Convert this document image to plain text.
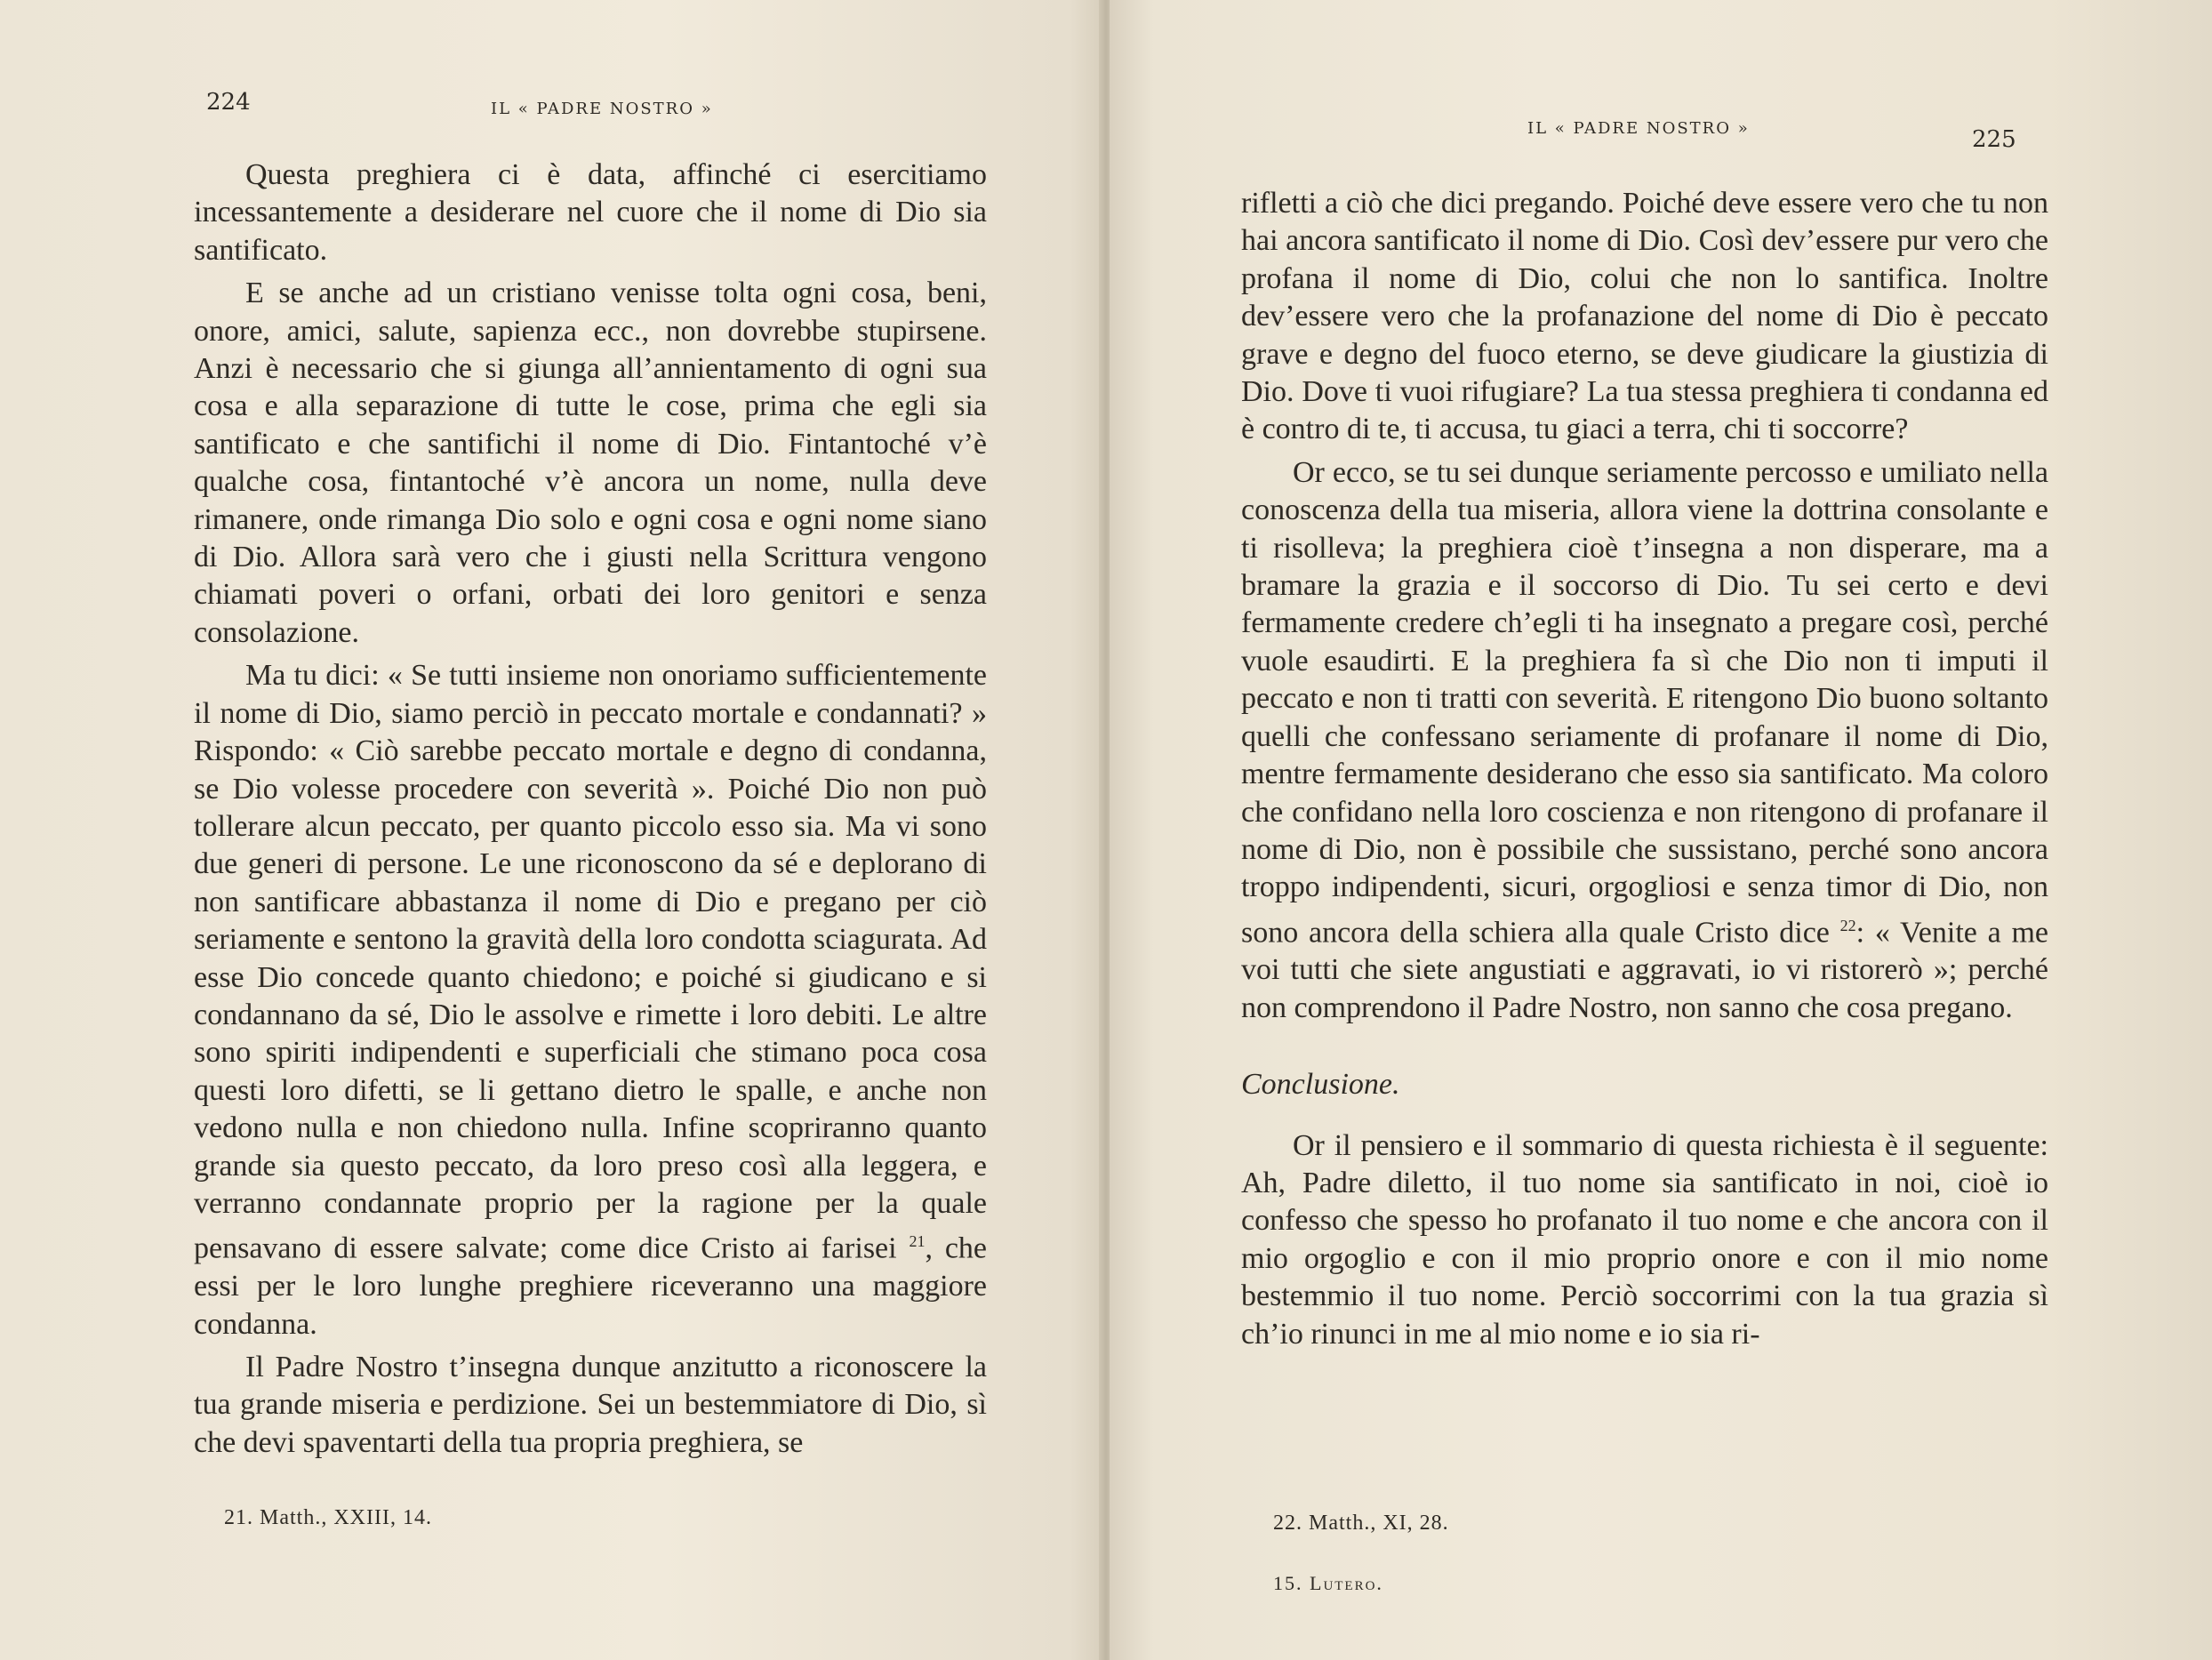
224	IL « PADRE NOSTRO »

Questa preghiera ci è data, affinché ci esercitiamo incessantemente a desiderare nel cuore che il nome di Dio sia santificato.

E se anche ad un cristiano venisse tolta ogni cosa, beni, onore, amici, salute, sapienza ecc., non dovrebbe stupirsene. Anzi è necessario che si giunga all’annientamento di ogni sua cosa e alla separazione di tutte le cose, prima che egli sia santificato e che santifichi il nome di Dio. Fintantoché v’è qualche cosa, fintantoché v’è ancora un nome, nulla deve rimanere, onde rimanga Dio solo e ogni cosa e ogni nome siano di Dio. Allora sarà vero che i giusti nella Scrittura vengono chiamati poveri o orfani, orbati dei loro genitori e senza consolazione.

Ma tu dici: « Se tutti insieme non onoriamo sufficientemente il nome di Dio, siamo perciò in peccato mortale e condannati? » Rispondo: « Ciò sarebbe peccato mortale e degno di condanna, se Dio volesse procedere con severità ». Poiché Dio non può tollerare alcun peccato, per quanto piccolo esso sia. Ma vi sono due generi di persone. Le une riconoscono da sé e deplorano di non santificare abbastanza il nome di Dio e pregano per ciò seriamente e sentono la gravità della loro condotta sciagurata. Ad esse Dio concede quanto chiedono; e poiché si giudicano e si condannano da sé, Dio le assolve e rimette i loro debiti. Le altre sono spiriti indipendenti e superficiali che stimano poca cosa questi loro difetti, se li gettano dietro le spalle, e anche non vedono nulla e non chiedono nulla. Infine scopriranno quanto grande sia questo peccato, da loro preso così alla leggera, e verranno condannate proprio per la ragione per la quale pensavano di essere salvate; come dice Cristo ai farisei $^{21}$, che essi per le loro lunghe preghiere riceveranno una maggiore condanna.

Il Padre Nostro t’insegna dunque anzitutto a riconoscere la tua grande miseria e perdizione. Sei un bestemmiatore di Dio, sì che devi spaventarti della tua propria preghiera, se

21. Matth., XXIII, 14.
IL « PADRE NOSTRO »	225

rifletti a ciò che dici pregando. Poiché deve essere vero che tu non hai ancora santificato il nome di Dio. Così dev’essere pur vero che profana il nome di Dio, colui che non lo santifica. Inoltre dev’essere vero che la profanazione del nome di Dio è peccato grave e degno del fuoco eterno, se deve giudicare la giustizia di Dio. Dove ti vuoi rifugiare? La tua stessa preghiera ti condanna ed è contro di te, ti accusa, tu giaci a terra, chi ti soccorre?

Or ecco, se tu sei dunque seriamente percosso e umiliato nella conoscenza della tua miseria, allora viene la dottrina consolante e ti risolleva; la preghiera cioè t’insegna a non disperare, ma a bramare la grazia e il soccorso di Dio. Tu sei certo e devi fermamente credere ch’egli ti ha insegnato a pregare così, perché vuole esaudirti. E la preghiera fa sì che Dio non ti imputi il peccato e non ti tratti con severità. E ritengono Dio buono soltanto quelli che confessano seriamente di profanare il nome di Dio, mentre fermamente desiderano che esso sia santificato. Ma coloro che confidano nella loro coscienza e non ritengono di profanare il nome di Dio, non è possibile che sussistano, perché sono ancora troppo indipendenti, sicuri, orgogliosi e senza timor di Dio, non sono ancora della schiera alla quale Cristo dice $^{22}$: « Venite a me voi tutti che siete angustiati e aggravati, io vi ristorerò »; perché non comprendono il Padre Nostro, non sanno che cosa pregano.

Conclusione.

Or il pensiero e il sommario di questa richiesta è il seguente: Ah, Padre diletto, il tuo nome sia santificato in noi, cioè io confesso che spesso ho profanato il tuo nome e che ancora con il mio orgoglio e con il mio proprio onore e con il mio nome bestemmio il tuo nome. Perciò soccorrimi con la tua grazia sì ch’io rinunci in me al mio nome e io sia ri-

22. Matth., XI, 28.
15. Lutero.
